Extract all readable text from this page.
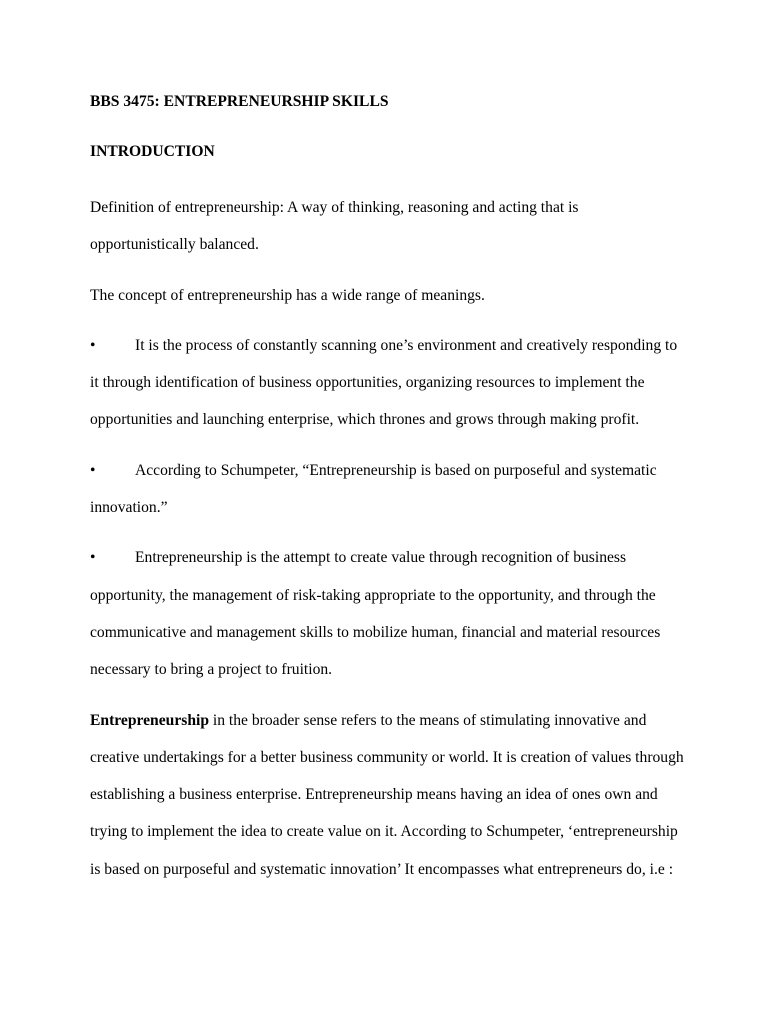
BBS 3475: ENTREPRENEURSHIP SKILLS
INTRODUCTION

Definition of entrepreneurship: A way of thinking, reasoning and acting that is opportunistically balanced.

The concept of entrepreneurship has a wide range of meanings.

•	It is the process of constantly scanning one’s environment and creatively responding to it through identification of business opportunities, organizing resources to implement the opportunities and launching enterprise, which thrones and grows through making profit.
•	According to Schumpeter, “Entrepreneurship is based on purposeful and systematic innovation.”
•	Entrepreneurship is the attempt to create value through recognition of business opportunity, the management of risk-taking appropriate to the opportunity, and through the communicative and management skills to mobilize human, financial and material resources necessary to bring a project to fruition.

Entrepreneurship in the broader sense refers to the means of stimulating innovative and creative undertakings for a better business community or world. It is creation of values through establishing a business enterprise. Entrepreneurship means having an idea of ones own and trying to implement the idea to create value on it. According to Schumpeter, ‘entrepreneurship is based on purposeful and systematic innovation’ It encompasses what entrepreneurs do, i.e :
